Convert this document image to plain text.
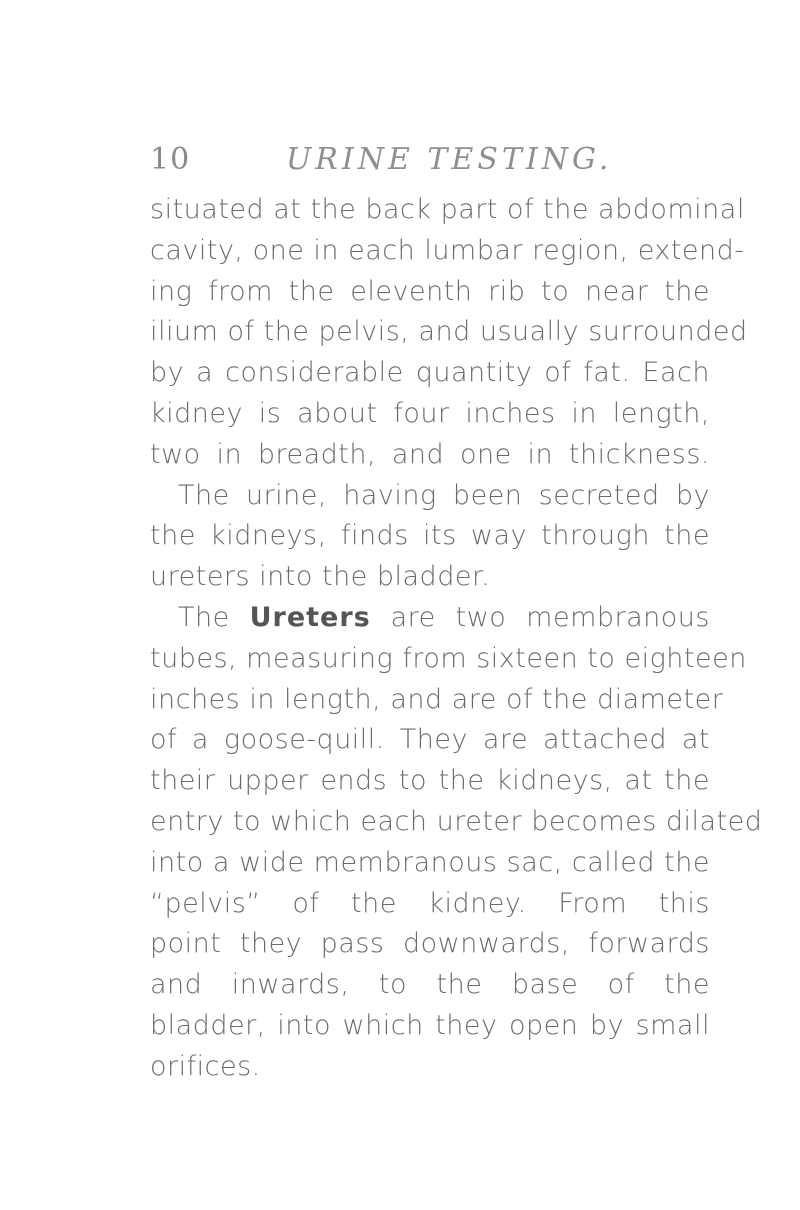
10	URINE TESTING.
situated at the back part of the abdominal
cavity, one in each lumbar region, extend-
ing from the eleventh rib to near the
ilium of the pelvis, and usually surrounded
by a considerable quantity of fat. Each
kidney is about four inches in length,
two in breadth, and one in thickness.
The urine, having been secreted by
the kidneys, finds its way through the
ureters into the bladder.
The Ureters are two membranous
tubes, measuring from sixteen to eighteen
inches in length, and are of the diameter
of a goose-quill. They are attached at
their upper ends to the kidneys, at the
entry to which each ureter becomes dilated
into a wide membranous sac, called the
“pelvis” of the kidney. From this
point they pass downwards, forwards
and inwards, to the base of the
bladder, into which they open by small
orifices.
